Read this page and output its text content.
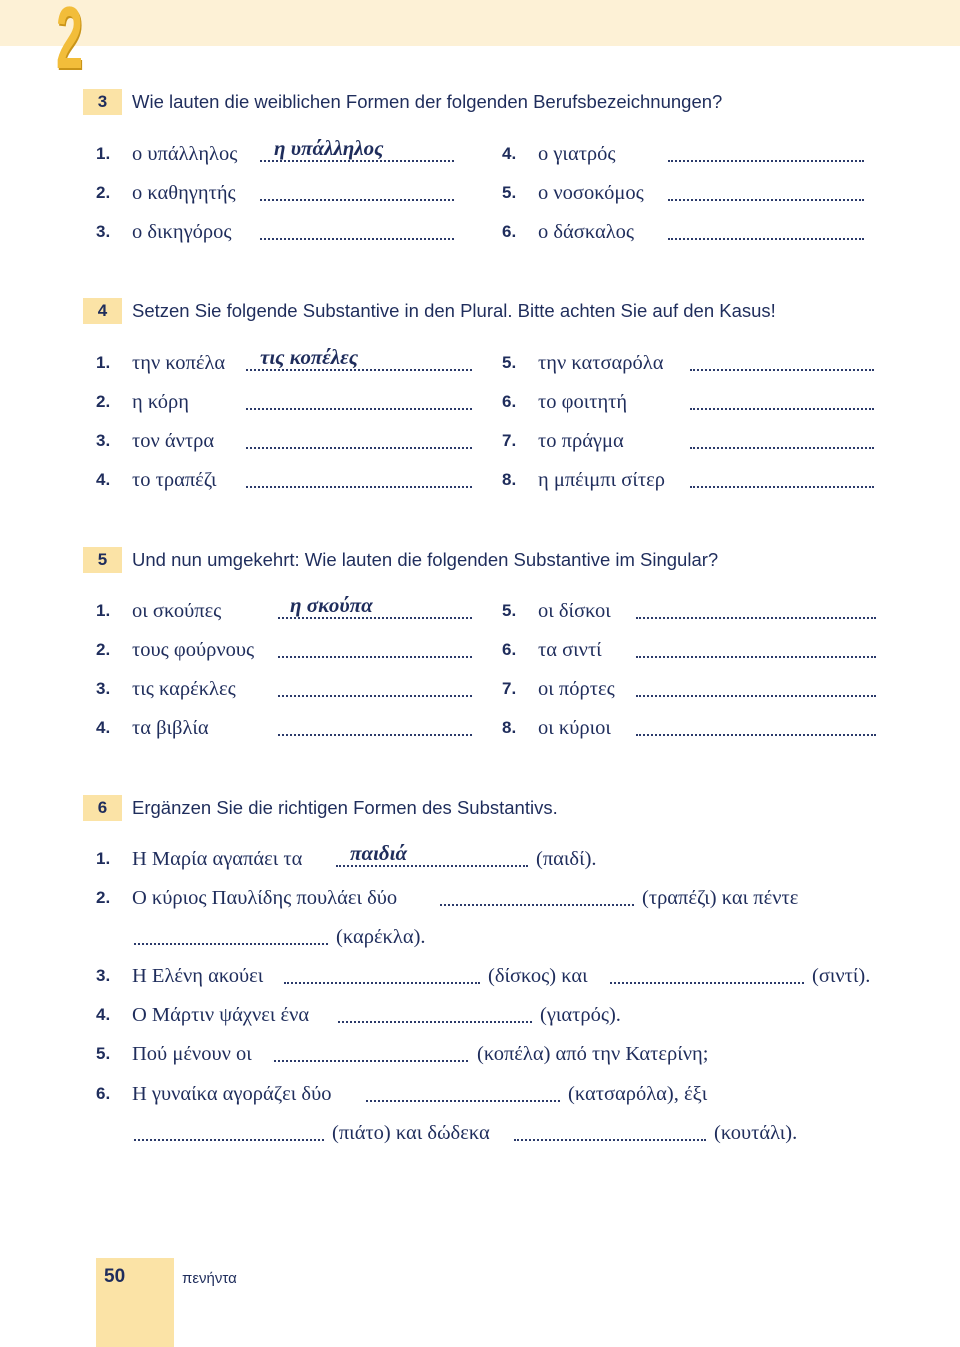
2
3	Wie lauten die weiblichen Formen der folgenden Berufsbezeichnungen?
1. ο υπάλληλος η υπάλληλος
2. ο καθηγητής
3. ο δικηγόρος
4. ο γιατρός
5. ο νοσοκόμος
6. ο δάσκαλος
4	Setzen Sie folgende Substantive in den Plural. Bitte achten Sie auf den Kasus!
1. την κοπέλα τις κοπέλες
2. η κόρη
3. τον άντρα
4. το τραπέζι
5. την κατσαρόλα
6. το φοιτητή
7. το πράγμα
8. η μπέιμπι σίτερ
5	Und nun umgekehrt: Wie lauten die folgenden Substantive im Singular?
1. οι σκούπες	η σκούπα
2. τους φούρνους
3. τις καρέκλες
4. τα βιβλία
5. οι δίσκοι
6. τα σιντί
7. οι πόρτες
8. οι κύριοι
6	Ergänzen Sie die richtigen Formen des Substantivs.
1. Η Μαρία αγαπάει τα παιδιά	(παιδί).
2. Ο κύριος Παυλίδης πουλάει δύο	(τραπέζι) και πέντε
(καρέκλα).
3. Η Ελένη ακούει	(δίσκος) και	(σιντί).
4. Ο Μάρτιν ψάχνει ένα	(γιατρός).
5. Πού μένουν οι	(κοπέλα) από την Κατερίνη;
6. Η γυναίκα αγοράζει δύο	(κατσαρόλα), έξι
(πιάτο) και δώδεκα	(κουτάλι).
50	πενήντα
